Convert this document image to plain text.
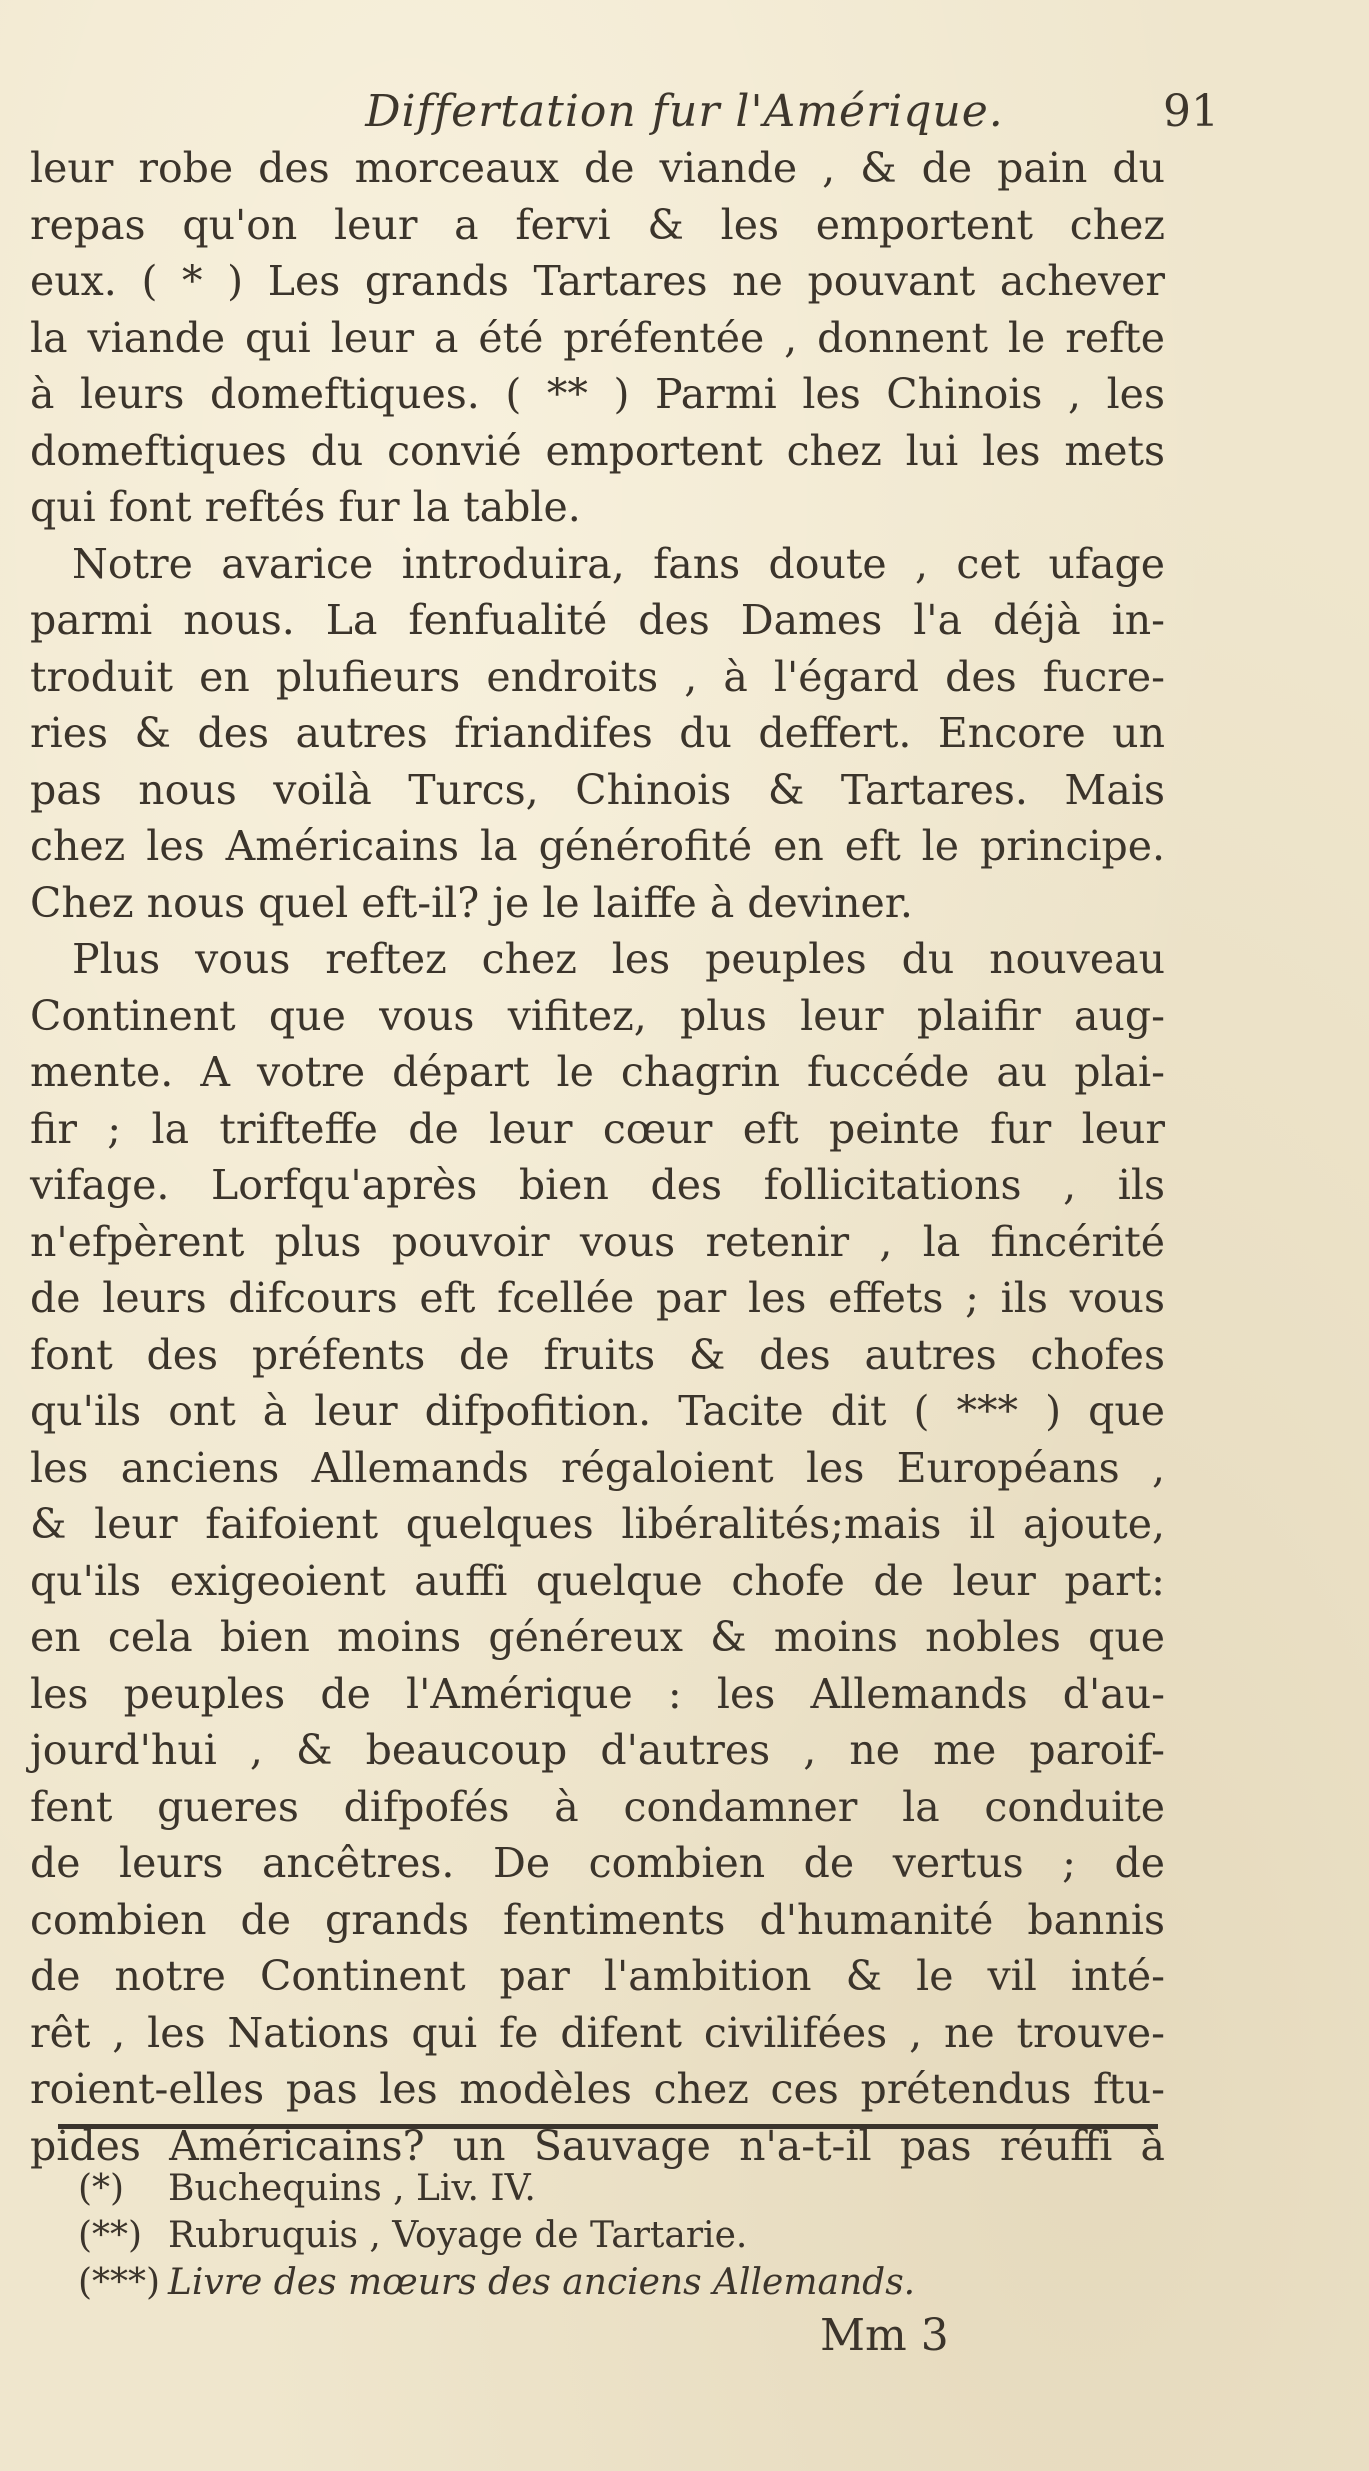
Differtation fur l'Amérique.	91
leur robe des morceaux de viande , & de pain du
repas qu'on leur a fervi & les emportent chez
eux. ( * ) Les grands Tartares ne pouvant achever
la viande qui leur a été préfentée , donnent le refte
à leurs domeftiques. ( ** ) Parmi les Chinois , les
domeftiques du convié emportent chez lui les mets
qui font reftés fur la table.
Notre avarice introduira, fans doute , cet ufage
parmi nous. La fenfualité des Dames l'a déjà in-
troduit en plufieurs endroits , à l'égard des fucre-
ries & des autres friandifes du deffert. Encore un
pas nous voilà Turcs, Chinois & Tartares. Mais
chez les Américains la générofité en eft le principe.
Chez nous quel eft-il? je le laiffe à deviner.
Plus vous reftez chez les peuples du nouveau
Continent que vous vifitez, plus leur plaifir aug-
mente. A votre départ le chagrin fuccéde au plai-
fir ; la trifteffe de leur cœur eft peinte fur leur
vifage. Lorfqu'après bien des follicitations , ils
n'efpèrent plus pouvoir vous retenir , la fincérité
de leurs difcours eft fcellée par les effets ; ils vous
font des préfents de fruits & des autres chofes
qu'ils ont à leur difpofition. Tacite dit ( *** ) que
les anciens Allemands régaloient les Européans ,
& leur faifoient quelques libéralités;mais il ajoute,
qu'ils exigeoient auffi quelque chofe de leur part:
en cela bien moins généreux & moins nobles que
les peuples de l'Amérique : les Allemands d'au-
jourd'hui , & beaucoup d'autres , ne me paroif-
fent gueres difpofés à condamner la conduite
de leurs ancêtres. De combien de vertus ; de
combien de grands fentiments d'humanité bannis
de notre Continent par l'ambition & le vil inté-
rêt , les Nations qui fe difent civilifées , ne trouve-
roient-elles pas les modèles chez ces prétendus ftu-
pides Américains? un Sauvage n'a-t-il pas réuffi à
(*) Buchequins , Liv. IV.
(**) Rubruquis , Voyage de Tartarie.
(***) Livre des mœurs des anciens Allemands.
Mm 3
